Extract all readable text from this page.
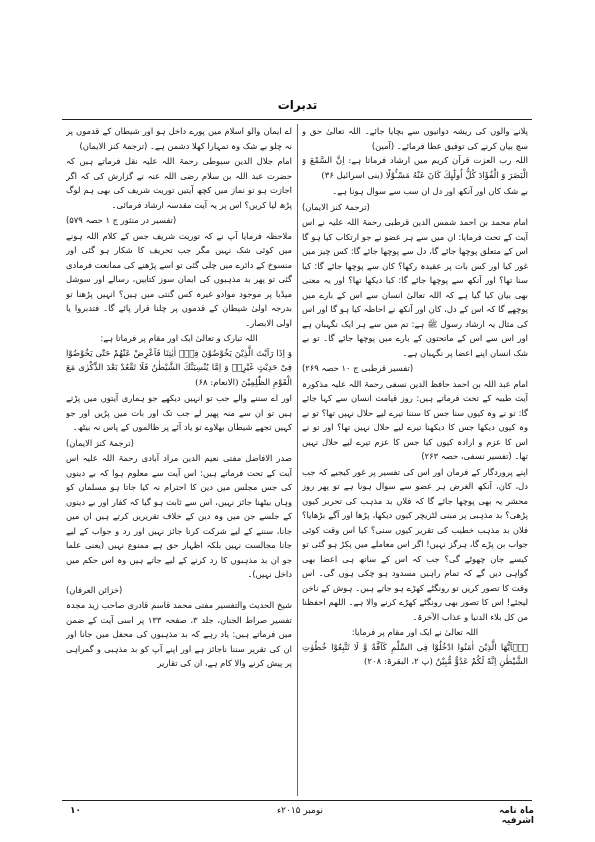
تدبرات

پلانے والوں کی ریشہ دوانیوں سے بچایا جائے۔ اللہ تعالیٰ حق و سچ بیان کرنے کی توفیق عطا فرمائے۔ (آمین)

اللہ رب العزت قرآن کریم میں ارشاد فرماتا ہے: اِنَّ السَّمْعَ وَ الْبَصَرَ وَ الْفُؤَادَ كُلُّ اُولٰٓىِٕكَ كَانَ عَنْهُ مَسْـُٔوْلًا (بنی اسرائیل ۳۶)

بے شک کان اور آنکھ اور دل ان سب سے سوال ہونا ہے۔

(ترجمۂ کنز الایمان)

امام محمد بن احمد شمس الدین قرطبی رحمۃ اللہ علیہ نے اس آیت کے تحت فرمایا: ان میں سے ہر عضو نے جو ارتکاب کیا ہو گا اس کے متعلق پوچھا جائے گا، دل سے پوچھا جائے گا: کس چیز میں غور کیا اور کس بات پر عقیدہ رکھا؟ کان سے پوچھا جائے گا: کیا سنا تھا؟ اور آنکھ سے پوچھا جائے گا: کیا دیکھا تھا؟ اور یہ معنی بھی بیان کیا گیا ہے کہ اللہ تعالیٰ انسان سے اس کے بارے میں پوچھے گا کہ اس کے دل، کان اور آنکھ نے احاطہ کیا ہو گا اور اس کی مثال یہ ارشاد رسول ﷺ ہے: تم میں سے ہر ایک نگہبان ہے اور اس سے اس کے ماتحتوں کے بارے میں پوچھا جائے گا۔ تو بے شک انسان اپنے اعضا پر نگہبان ہے۔

(تفسیر قرطبی ج ۱۰ حصہ ۲۶۹)

امام عبد اللہ بن احمد حافظ الدین نسفی رحمۃ اللہ علیہ مذکورہ آیت طیبہ کے تحت فرماتے ہیں: روز قیامت انسان سے کہا جائے گا: تو نے وہ کیوں سنا جس کا سننا تیرے لیے حلال نہیں تھا؟ تو نے وہ کیوں دیکھا جس کا دیکھنا تیرے لیے حلال نہیں تھا؟ اور تو نے اس کا عزم و ارادہ کیوں کیا جس کا عزم تیرے لیے حلال نہیں تھا۔ (تفسیر نسفی، حصہ ۲۶۳)

اپنے پروردگار کے فرمان اور اس کی تفسیر پر غور کیجیے کہ جب دل، کان، آنکھ الغرض ہر عضو سے سوال ہونا ہے تو پھر روز محشر یہ بھی پوچھا جائے گا کہ فلاں بد مذہب کی تحریر کیوں پڑھی؟ بد مذہبی پر مبنی لٹریچر کیوں دیکھا، پڑھا اور آگے بڑھایا؟ فلاں بد مذہب خطیب کی تقریر کیوں سنی؟ کیا اس وقت کوئی جواب بن پڑے گا، ہرگز نہیں! اگر اس معاملے میں پکڑ ہو گئی تو کیسے جان چھوٹے گی؟ جب کہ اس کے ساتھ ہی اعضا بھی گواہی دیں گے کہ تمام راہیں مسدود ہو چکی ہوں گی۔ اس وقت کا تصور کریں تو رونگٹے کھڑے ہو جاتے ہیں۔ ہوش کے ناخن لیجئے! اس کا تصور بھی رونگٹے کھڑے کرنے والا ہے۔ اللھم احفظنا من کل بلاء الدنیا و عذاب الآخرۃ۔

اللہ تعالیٰ نے ایک اور مقام پر فرمایا:

یٰۤاَیُّهَا الَّذِیْنَ اٰمَنُوا ادْخُلُوْا فِی السِّلْمِ كَآفَّةً وَّ لَا تَتَّبِعُوْا خُطُوٰتِ الشَّیْطٰنِ اِنَّهٗ لَكُمْ عَدُوٌّ مُّبِیْنٌ (پ ۲، البقرۃ: ۲۰۸)

اے ایمان والو اسلام میں پورے داخل ہو اور شیطان کے قدموں پر نہ چلو بے شک وہ تمہارا کھلا دشمن ہے۔ (ترجمۂ کنز الایمان)

امام جلال الدین سیوطی رحمۃ اللہ علیہ نقل فرماتے ہیں کہ حضرت عبد اللہ بن سلام رضی اللہ عنہ نے گزارش کی کہ اگر اجازت ہو تو نماز میں کچھ آیتیں توریت شریف کی بھی ہم لوگ پڑھ لیا کریں؟ اس پر یہ آیت مقدسہ ارشاد فرمائی۔

(تفسیر در منثور ج ۱ حصہ ۵۷۹)

ملاحظہ فرمایا آپ نے کہ توریت شریف جس کے کلام اللہ ہونے میں کوئی شک نہیں مگر جب تحریف کا شکار ہو گئی اور منسوخ کے دائرے میں چلی گئی تو اسے پڑھنے کی ممانعت فرمادی گئی تو پھر بد مذہبوں کی ایمان سوز کتابیں، رسالے اور سوشل میڈیا پر موجود موادو غیرہ کس گنتی میں ہیں؟ انہیں پڑھنا تو بدرجہ اولیٰ شیطان کے قدموں پر چلنا قرار پائے گا۔ فتدبروا یا اولی الابصار۔

اللہ تبارک و تعالیٰ ایک اور مقام پر فرماتا ہے:

وَ اِذَا رَاَیْتَ الَّذِیْنَ یَخُوْضُوْنَ فِیْۤ اٰیٰتِنَا فَاَعْرِضْ عَنْهُمْ حَتّٰى یَخُوْضُوْا فِیْ حَدِیْثٍ غَیْرِهٖ وَ اِمَّا یُنْسِیَنَّكَ الشَّیْطٰنُ فَلَا تَقْعُدْ بَعْدَ الذِّكْرٰى مَعَ الْقَوْمِ الظّٰلِمِیْنَ (الانعام: ۶۸)

اور اے سننے والے جب تو انہیں دیکھے جو ہماری آیتوں میں پڑتے ہیں تو ان سے منہ پھیر لے جب تک اور بات میں پڑیں اور جو کہیں تجھے شیطان بھلاوے تو یاد آئے پر ظالموں کے پاس نہ بیٹھ۔

(ترجمۂ کنز الایمان)

صدر الافاضل مفتی نعیم الدین مراد آبادی رحمۃ اللہ علیہ اس آیت کے تحت فرماتے ہیں: اس آیت سے معلوم ہوا کہ بے دینوں کی جس مجلس میں دین کا احترام نہ کیا جاتا ہو مسلمان کو وہاں بیٹھنا جائز نہیں، اس سے ثابت ہو گیا کہ کفار اور بے دینوں کے جلسے جن میں وہ دین کے خلاف تقریریں کرتے ہیں ان میں جانا، سننے کے لیے شرکت کرنا جائز نہیں اور رد و جواب کے لیے جانا مجالست نہیں بلکہ اظہار حق ہے ممنوع نہیں (یعنی علما جو ان بد مذہبوں کا رد کرنے کے لیے جاتے ہیں وہ اس حکم میں داخل نہیں)۔

(خزائن العرفان)

شیخ الحدیث والتفسیر مفتی محمد قاسم قادری صاحب زید مجدہ تفسیر صراط الجنان، جلد ۳، صفحہ ۱۳۳ پر اسی آیت کے ضمن میں فرماتے ہیں: یاد رہے کہ بد مذہبوں کی محفل میں جانا اور ان کی تقریر سننا ناجائز ہے اور اپنے آپ کو بد مذہبی و گمراہی پر پیش کرنے والا کام ہے، ان کی تقاریر

ماہ نامہ اشرفیہ
نومبر ۲۰۱۵ء
۱۰
